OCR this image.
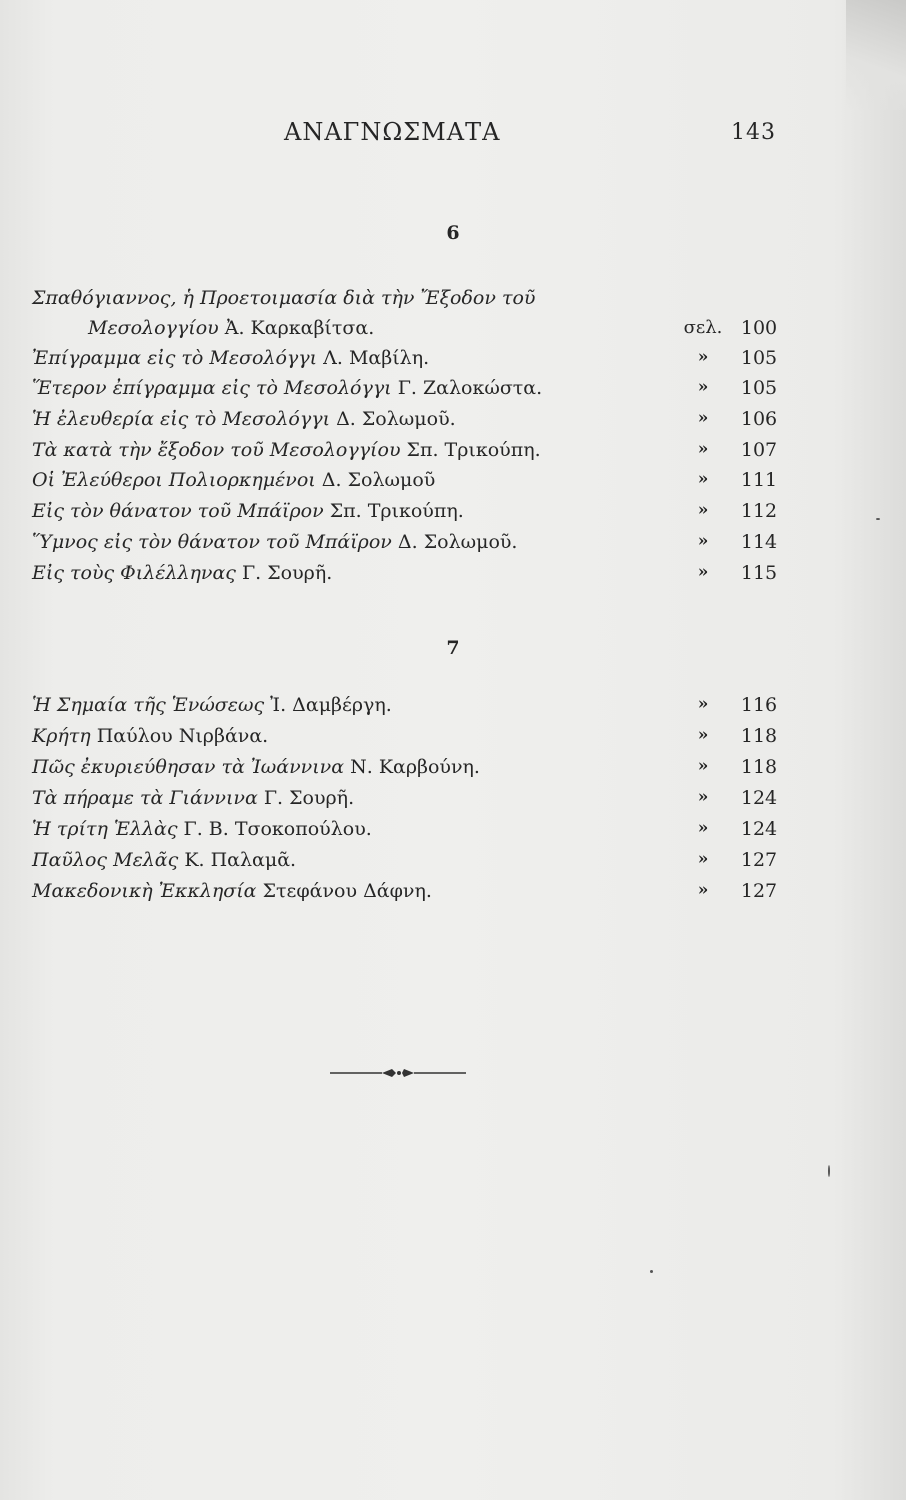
ΑΝΑΓΝΩΣΜΑΤΑ	143
6
Σπαθόγιαννος, ἡ Προετοιμασία διὰ τὴν Ἔξοδον τοῦ
Μεσολογγίου Ἀ. Καρκαβίτσα.	σελ. 100
Ἐπίγραμμα εἰς τὸ Μεσολόγγι Λ. Μαβίλη.	»	105
Ἕτερον ἐπίγραμμα εἰς τὸ Μεσολόγγι Γ. Ζαλοκώστα.	»	105
Ἡ ἐλευθερία εἰς τὸ Μεσολόγγι Δ. Σολωμοῦ.	»	106
Τὰ κατὰ τὴν ἔξοδον τοῦ Μεσολογγίου Σπ. Τρικούπη.	»	107
Οἱ Ἐλεύθεροι Πολιορκημένοι Δ. Σολωμοῦ	»	111
Εἰς τὸν θάνατον τοῦ Μπάϊρον Σπ. Τρικούπη.	»	112
Ὕμνος εἰς τὸν θάνατον τοῦ Μπάϊρον Δ. Σολωμοῦ.	»	114
Εἰς τοὺς Φιλέλληνας Γ. Σουρῆ.	»	115
7
Ἡ Σημαία τῆς Ἑνώσεως Ἰ. Δαμβέργη.	»	116
Κρήτη Παύλου Νιρβάνα.	»	118
Πῶς ἐκυριεύθησαν τὰ Ἰωάννινα Ν. Καρβούνη.	»	118
Τὰ πήραμε τὰ Γιάννινα Γ. Σουρῆ.	»	124
Ἡ τρίτη Ἑλλὰς Γ. Β. Τσοκοπούλου.	»	124
Παῦλος Μελᾶς Κ. Παλαμᾶ.	»	127
Μακεδονικὴ Ἐκκλησία Στεφάνου Δάφνη.	»	127
